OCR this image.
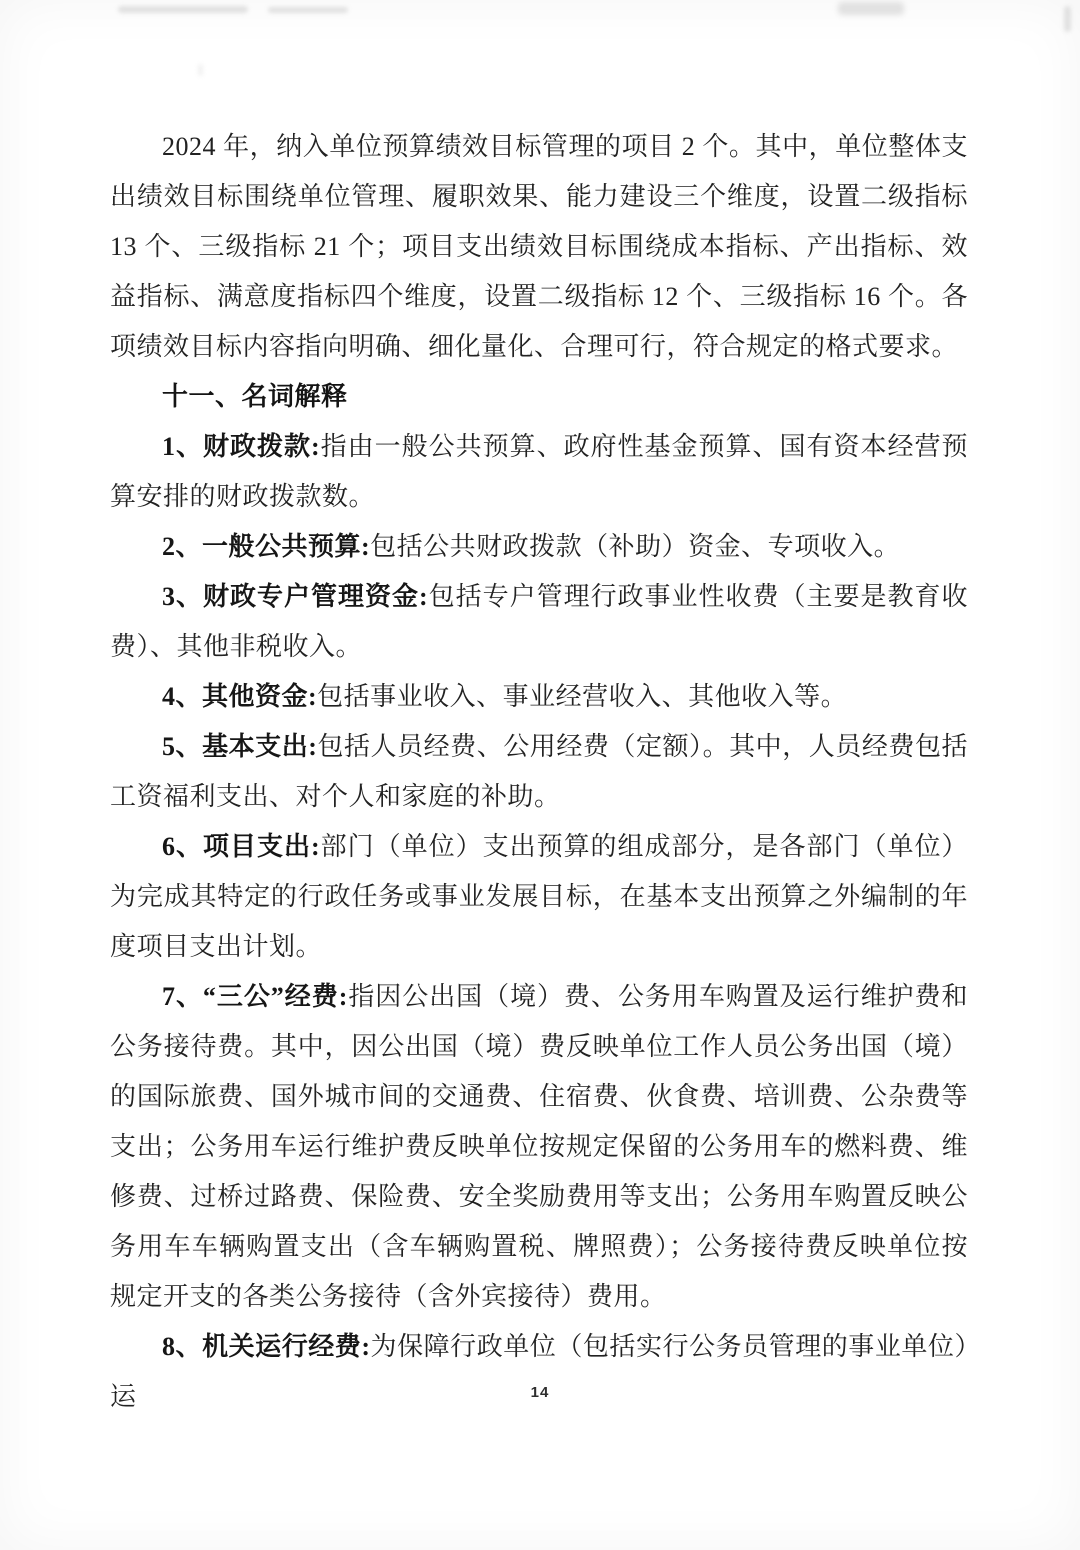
2024 年，纳入单位预算绩效目标管理的项目 2 个。其中，单位整体支出绩效目标围绕单位管理、履职效果、能力建设三个维度，设置二级指标 13 个、三级指标 21 个；项目支出绩效目标围绕成本指标、产出指标、效益指标、满意度指标四个维度，设置二级指标 12 个、三级指标 16 个。各项绩效目标内容指向明确、细化量化、合理可行，符合规定的格式要求。

十一、名词解释

1、财政拨款:指由一般公共预算、政府性基金预算、国有资本经营预算安排的财政拨款数。

2、一般公共预算:包括公共财政拨款（补助）资金、专项收入。

3、财政专户管理资金:包括专户管理行政事业性收费（主要是教育收费）、其他非税收入。

4、其他资金:包括事业收入、事业经营收入、其他收入等。

5、基本支出:包括人员经费、公用经费（定额）。其中，人员经费包括工资福利支出、对个人和家庭的补助。

6、项目支出:部门（单位）支出预算的组成部分，是各部门（单位）为完成其特定的行政任务或事业发展目标，在基本支出预算之外编制的年度项目支出计划。

7、“三公”经费:指因公出国（境）费、公务用车购置及运行维护费和公务接待费。其中，因公出国（境）费反映单位工作人员公务出国（境）的国际旅费、国外城市间的交通费、住宿费、伙食费、培训费、公杂费等支出；公务用车运行维护费反映单位按规定保留的公务用车的燃料费、维修费、过桥过路费、保险费、安全奖励费用等支出；公务用车购置反映公务用车车辆购置支出（含车辆购置税、牌照费）；公务接待费反映单位按规定开支的各类公务接待（含外宾接待）费用。

8、机关运行经费:为保障行政单位（包括实行公务员管理的事业单位）运	14
